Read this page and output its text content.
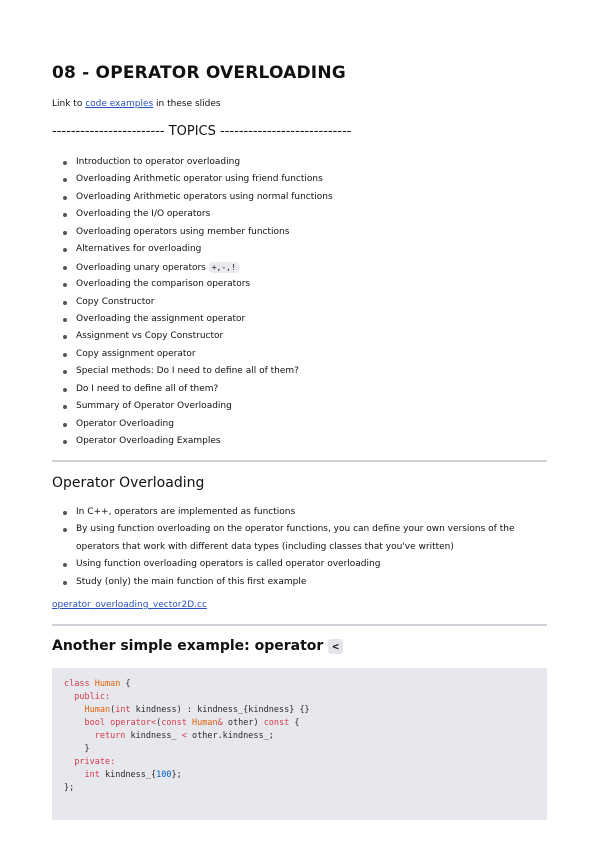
08 - OPERATOR OVERLOADING
Link to code examples in these slides
------------------------ TOPICS ----------------------------
Introduction to operator overloading
Overloading Arithmetic operator using friend functions
Overloading Arithmetic operators using normal functions
Overloading the I/O operators
Overloading operators using member functions
Alternatives for overloading
Overloading unary operators +,-,!
Overloading the comparison operators
Copy Constructor
Overloading the assignment operator
Assignment vs Copy Constructor
Copy assignment operator
Special methods: Do I need to define all of them?
Do I need to define all of them?
Summary of Operator Overloading
Operator Overloading
Operator Overloading Examples
Operator Overloading
In C++, operators are implemented as functions
By using function overloading on the operator functions, you can define your own versions of the operators that work with different data types (including classes that you've written)
Using function overloading operators is called operator overloading
Study (only) the main function of this first example
operator_overloading_vector2D.cc
Another simple example: operator <
class Human {
public:
Human(int kindness) : kindness_{kindness} {}
bool operator<(const Human& other) const {
return kindness_ < other.kindness_;
}
private:
int kindness_{100};
};
